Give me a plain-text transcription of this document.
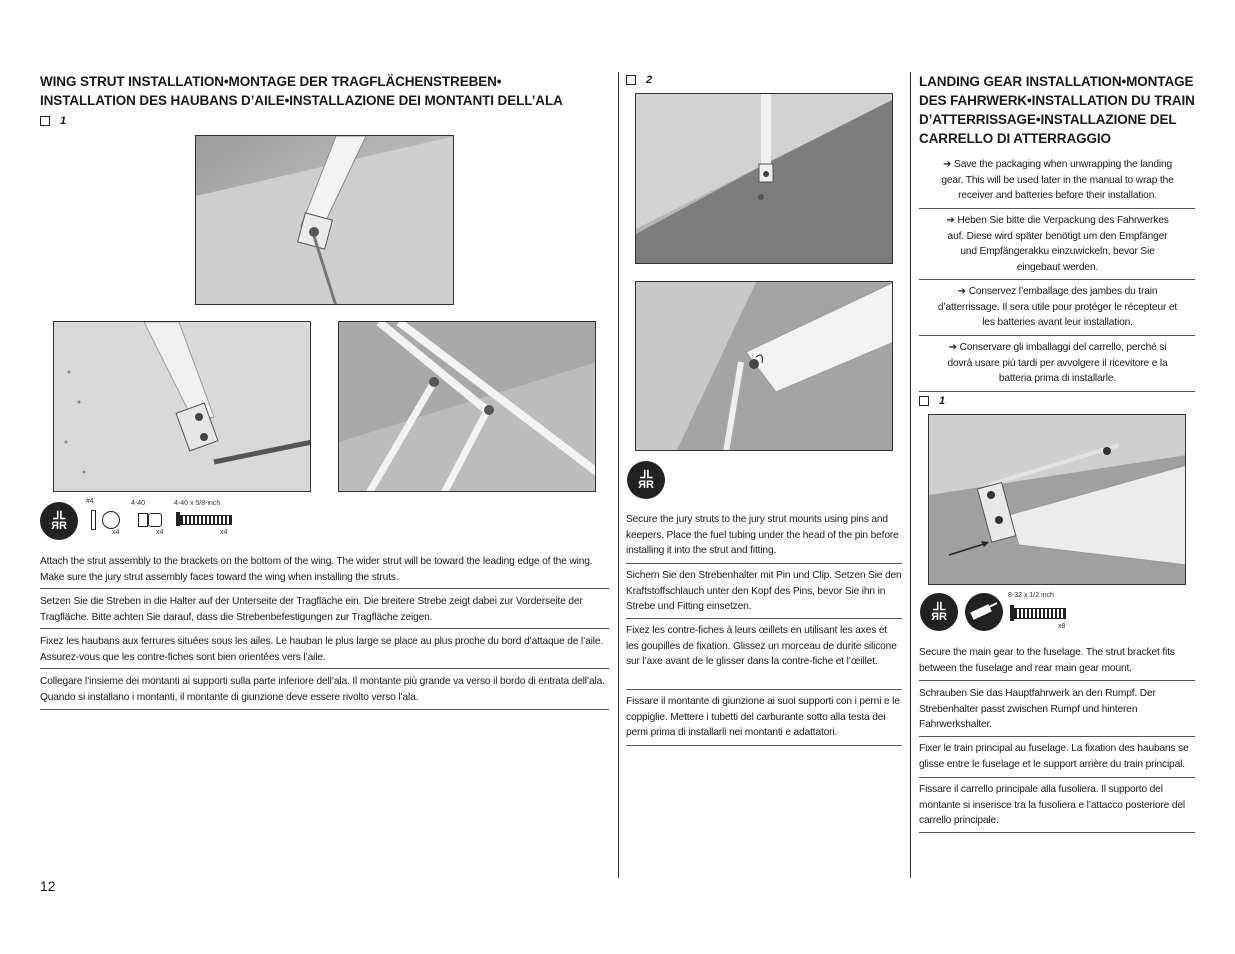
WING STRUT INSTALLATION•MONTAGE DER TRAGFLÄCHENSTREBEN•
INSTALLATION DES HAUBANS D’AILE•INSTALLAZIONE DEI MONTANTI DELL’ALA
1
ᒧᒪ
ЯR
#4
x4
4-40
x4
4-40 x 5/8-inch
x4
Attach the strut assembly to the brackets on the bottom of the wing. The wider strut will be toward the leading edge of the wing. Make sure the jury strut assembly faces toward the wing when installing the struts.
Setzen Sie die Streben in die Halter auf der Unterseite der Tragfläche ein. Die breitere Strebe zeigt dabei zur Vorderseite der Tragfläche. Bitte achten Sie darauf, dass die Strebenbefestigungen zur Tragfläche zeigen.
Fixez les haubans aux ferrures situées sous les ailes. Le hauban le plus large se place au plus proche du bord d’attaque de l’aile. Assurez-vous que les contre-fiches sont bien orientées vers l’aile.
Collegare l’insieme dei montanti ai supporti sulla parte inferiore dell’ala. Il montante più grande va verso il bordo di entrata dell’ala. Quando si installano i montanti, il montante di giunzione deve essere rivolto verso l’ala.
12
2
ᒧᒪ
ЯR
Secure the jury struts to the jury strut mounts using pins and keepers. Place the fuel tubing under the head of the pin before installing it into the strut and fitting.
Sichern Sie den Strebenhalter mit Pin und Clip. Setzen Sie den Kraftstoffschlauch unter den Kopf des Pins, bevor Sie ihn in Strebe und Fitting einsetzen.
Fixez les contre-fiches à leurs œillets en utilisant les axes et les goupilles de fixation. Glissez un morceau de durite silicone sur l’axe avant de le glisser dans la contre-fiche et l’œillet.
Fissare il montante di giunzione ai suoi supporti con i perni e le coppiglie. Mettere i tubetti del carburante sotto alla testa dei perni prima di installarli nei montanti e adattatori.
LANDING GEAR INSTALLATION•MONTAGE
DES FAHRWERK•INSTALLATION DU TRAIN
D’ATTERRISSAGE•INSTALLAZIONE DEL
CARRELLO DI ATTERRAGGIO
➔ Save the packaging when unwrapping the landing gear. This will be used later in the manual to wrap the receiver and batteries before their installation.
➔ Heben Sie bitte die Verpackung des Fahrwerkes auf. Diese wird später benötigt um den Empfänger und Empfängerakku einzuwickeln, bevor Sie eingebaut werden.
➔ Conservez l’emballage des jambes du train d’atterrissage. Il sera utile pour protéger le récepteur et les batteries avant leur installation.
➔ Conservare gli imballaggi del carrello, perché si dovrà usare più tardi per avvolgere il ricevitore e la batteria prima di installarle.
1
ᒧᒪ
ЯR
8-32 x 1/2 inch
x8
Secure the main gear to the fuselage. The strut bracket fits between the fuselage and rear main gear mount.
Schrauben Sie das Hauptfahrwerk an den Rumpf. Der Strebenhalter passt zwischen Rumpf und hinteren Fahrwerkshalter.
Fixer le train principal au fuselage. La fixation des haubans se glisse entre le fuselage et le support arrière du train principal.
Fissare il carrello principale alla fusoliera. Il supporto del montante si inserisce tra la fusoliera e l’attacco posteriore del carrello principale.
